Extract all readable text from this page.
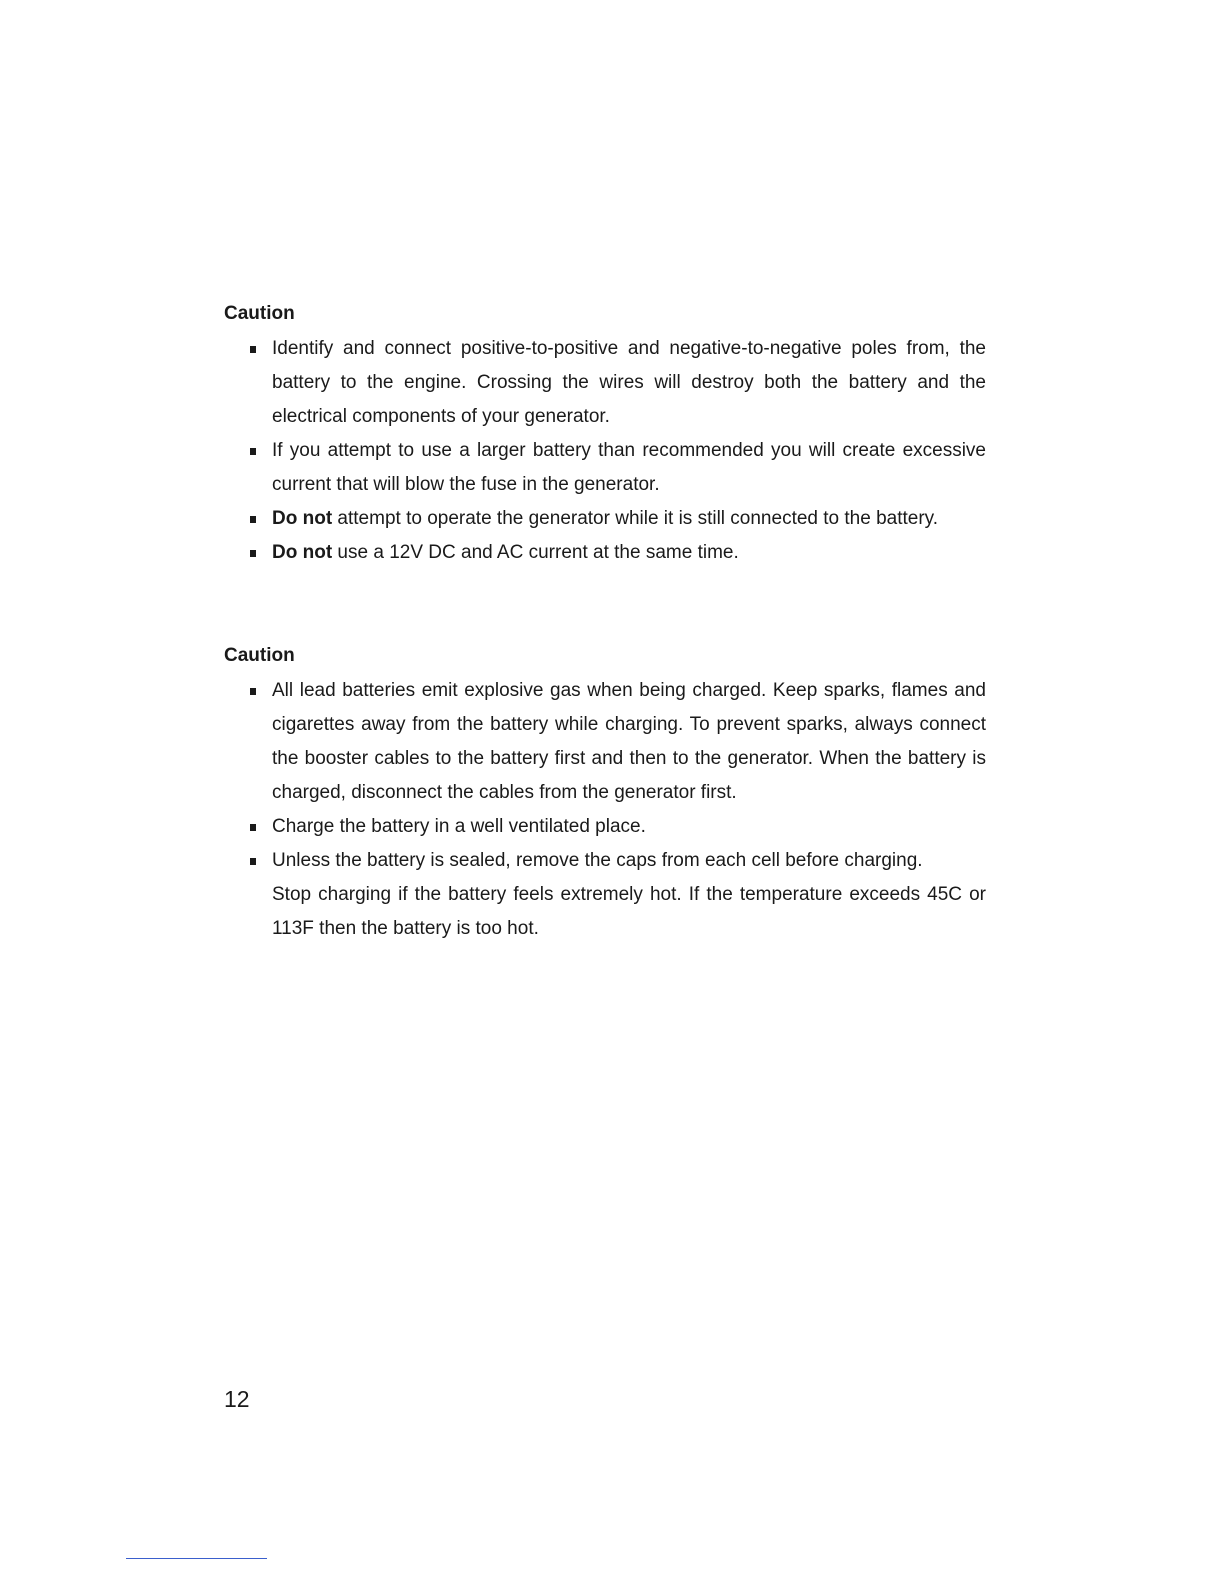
Caution
Identify and connect positive-to-positive and negative-to-negative poles from, the battery to the engine. Crossing the wires will destroy both the battery and the electrical components of your generator.
If you attempt to use a larger battery than recommended you will create excessive current that will blow the fuse in the generator.
Do not attempt to operate the generator while it is still connected to the battery.
Do not use a 12V DC and AC current at the same time.
Caution
All lead batteries emit explosive gas when being charged. Keep sparks, flames and cigarettes away from the battery while charging. To prevent sparks, always connect the booster cables to the battery first and then to the generator. When the battery is charged, disconnect the cables from the generator first.
Charge the battery in a well ventilated place.
Unless the battery is sealed, remove the caps from each cell before charging.
Stop charging if the battery feels extremely hot. If the temperature exceeds 45C or 113F then the battery is too hot.
12
